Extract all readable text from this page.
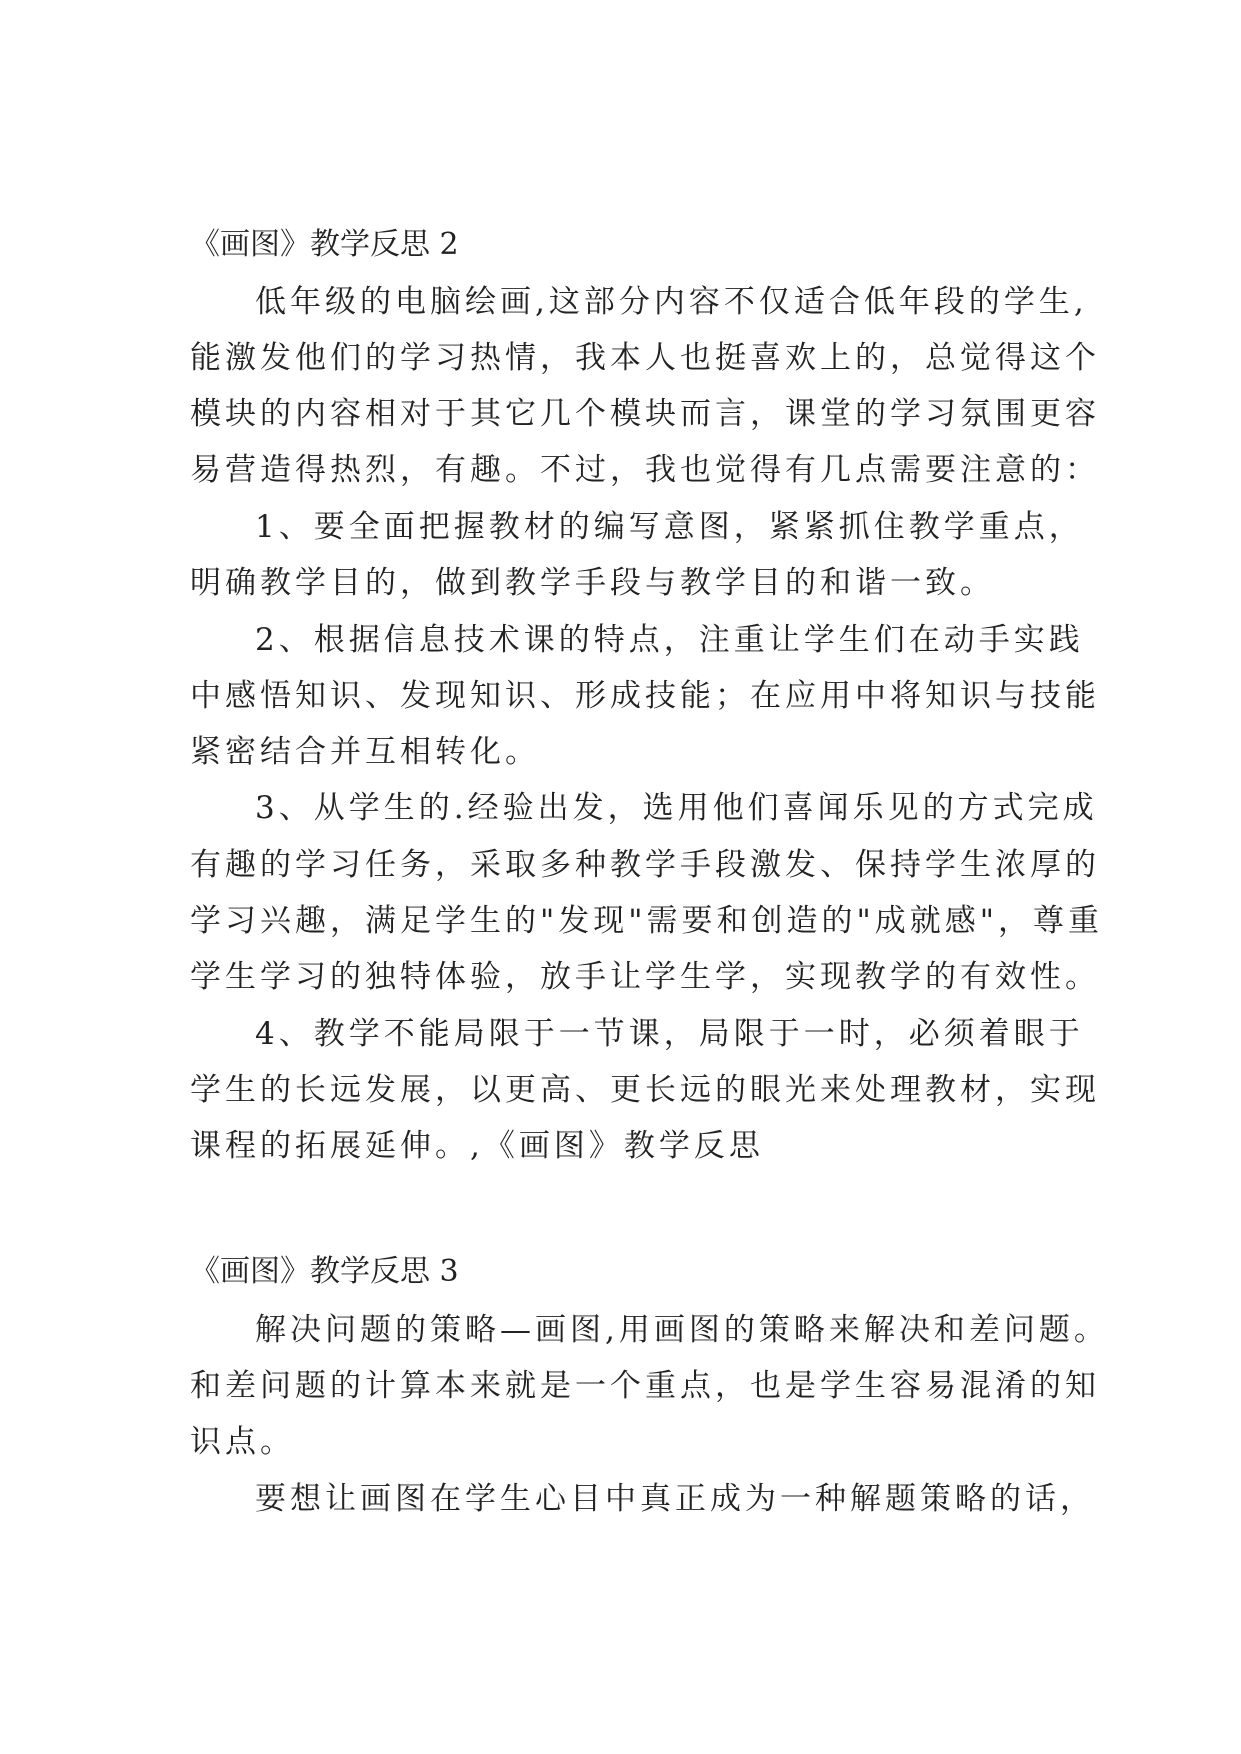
《画图》教学反思 2
低年级的电脑绘画,这部分内容不仅适合低年段的学生,
能激发他们的学习热情，我本人也挺喜欢上的，总觉得这个
模块的内容相对于其它几个模块而言，课堂的学习氛围更容
易营造得热烈，有趣。不过，我也觉得有几点需要注意的：
1、要全面把握教材的编写意图，紧紧抓住教学重点，
明确教学目的，做到教学手段与教学目的和谐一致。
2、根据信息技术课的特点，注重让学生们在动手实践
中感悟知识、发现知识、形成技能；在应用中将知识与技能
紧密结合并互相转化。
3、从学生的.经验出发，选用他们喜闻乐见的方式完成
有趣的学习任务，采取多种教学手段激发、保持学生浓厚的
学习兴趣，满足学生的"发现"需要和创造的"成就感"，尊重
学生学习的独特体验，放手让学生学，实现教学的有效性。
4、教学不能局限于一节课，局限于一时，必须着眼于
学生的长远发展，以更高、更长远的眼光来处理教材，实现
课程的拓展延伸。,《画图》教学反思
《画图》教学反思 3
解决问题的策略—画图,用画图的策略来解决和差问题。
和差问题的计算本来就是一个重点，也是学生容易混淆的知
识点。
要想让画图在学生心目中真正成为一种解题策略的话，
